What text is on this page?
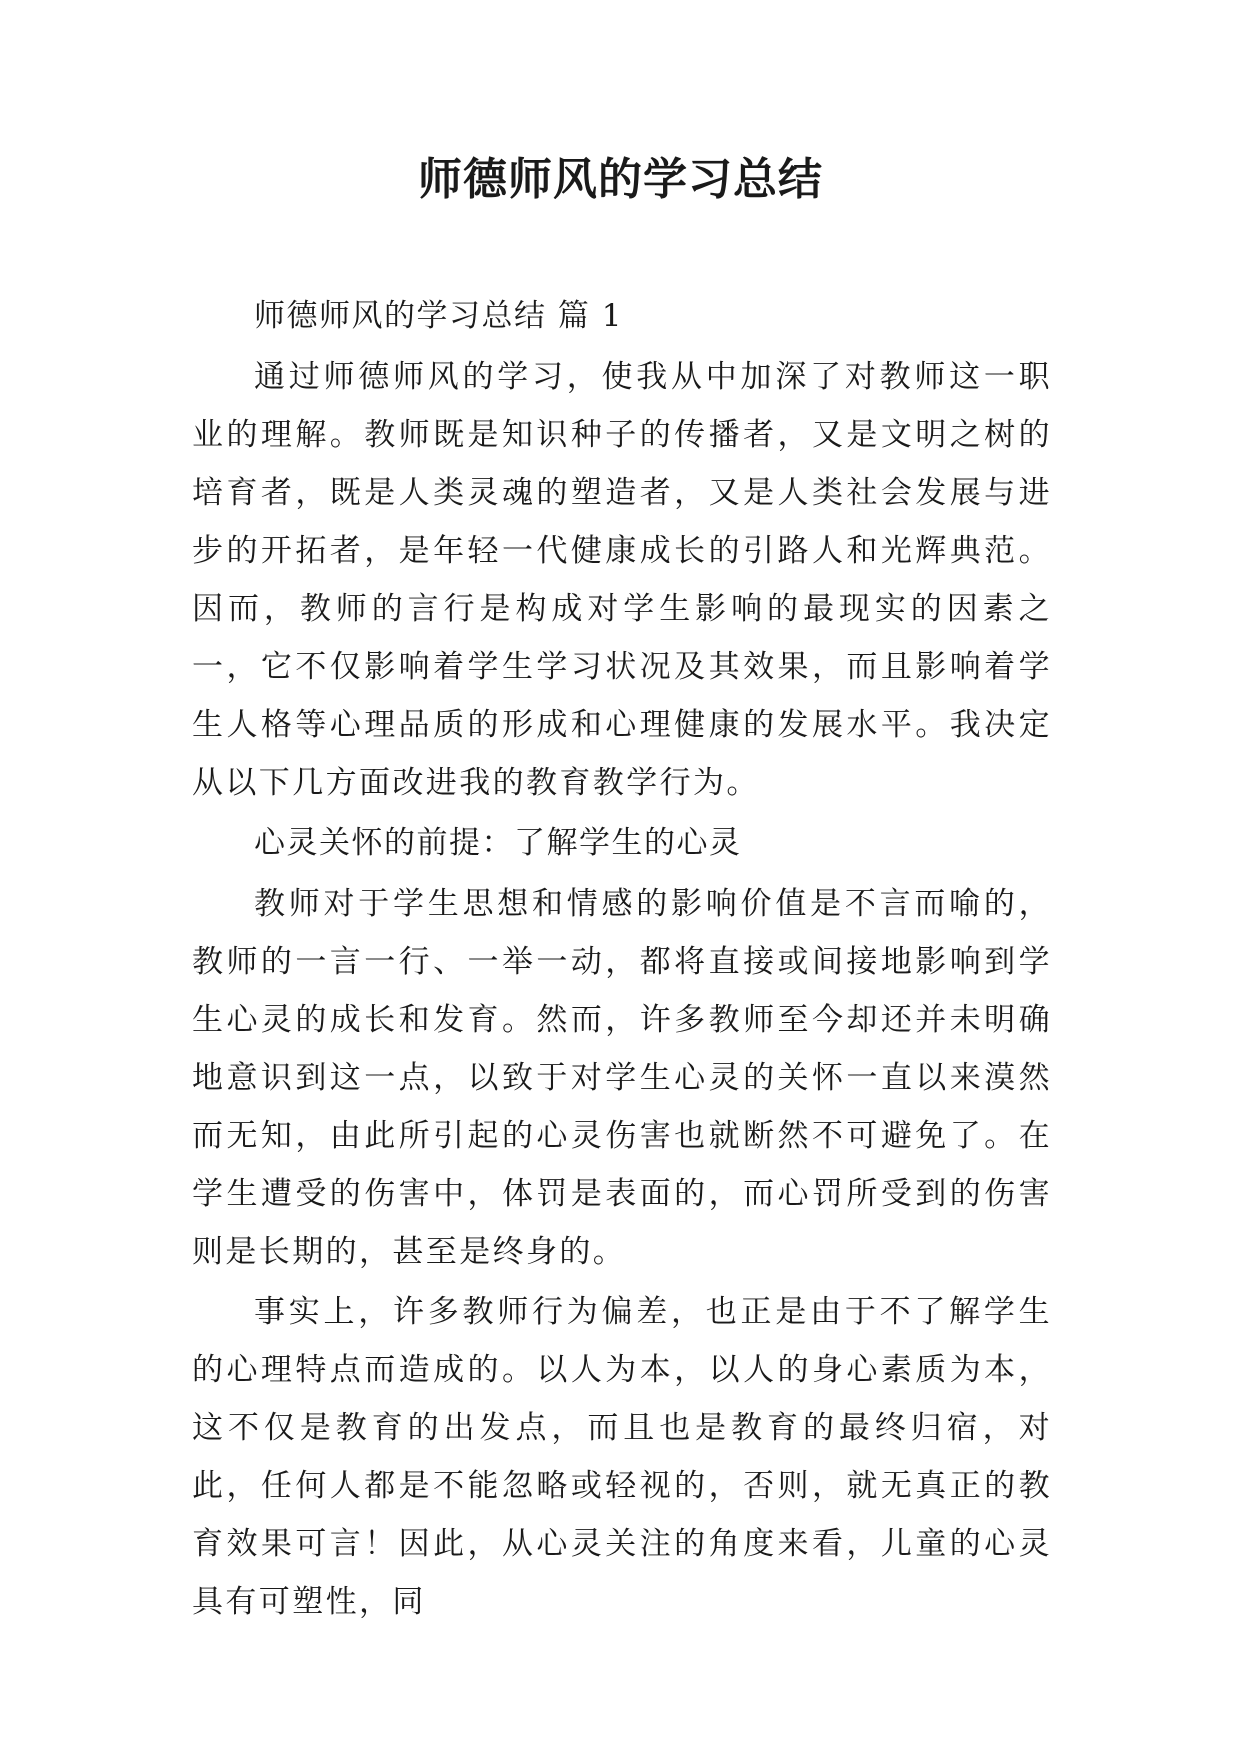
师德师风的学习总结

师德师风的学习总结 篇 1

通过师德师风的学习，使我从中加深了对教师这一职业的理解。教师既是知识种子的传播者，又是文明之树的培育者，既是人类灵魂的塑造者，又是人类社会发展与进步的开拓者，是年轻一代健康成长的引路人和光辉典范。因而，教师的言行是构成对学生影响的最现实的因素之一，它不仅影响着学生学习状况及其效果，而且影响着学生人格等心理品质的形成和心理健康的发展水平。我决定从以下几方面改进我的教育教学行为。

心灵关怀的前提：了解学生的心灵

教师对于学生思想和情感的影响价值是不言而喻的，教师的一言一行、一举一动，都将直接或间接地影响到学生心灵的成长和发育。然而，许多教师至今却还并未明确地意识到这一点，以致于对学生心灵的关怀一直以来漠然而无知，由此所引起的心灵伤害也就断然不可避免了。在学生遭受的伤害中，体罚是表面的，而心罚所受到的伤害则是长期的，甚至是终身的。

事实上，许多教师行为偏差，也正是由于不了解学生的心理特点而造成的。以人为本，以人的身心素质为本，这不仅是教育的出发点，而且也是教育的最终归宿，对此，任何人都是不能忽略或轻视的，否则，就无真正的教育效果可言！因此，从心灵关注的角度来看，儿童的心灵具有可塑性，同
